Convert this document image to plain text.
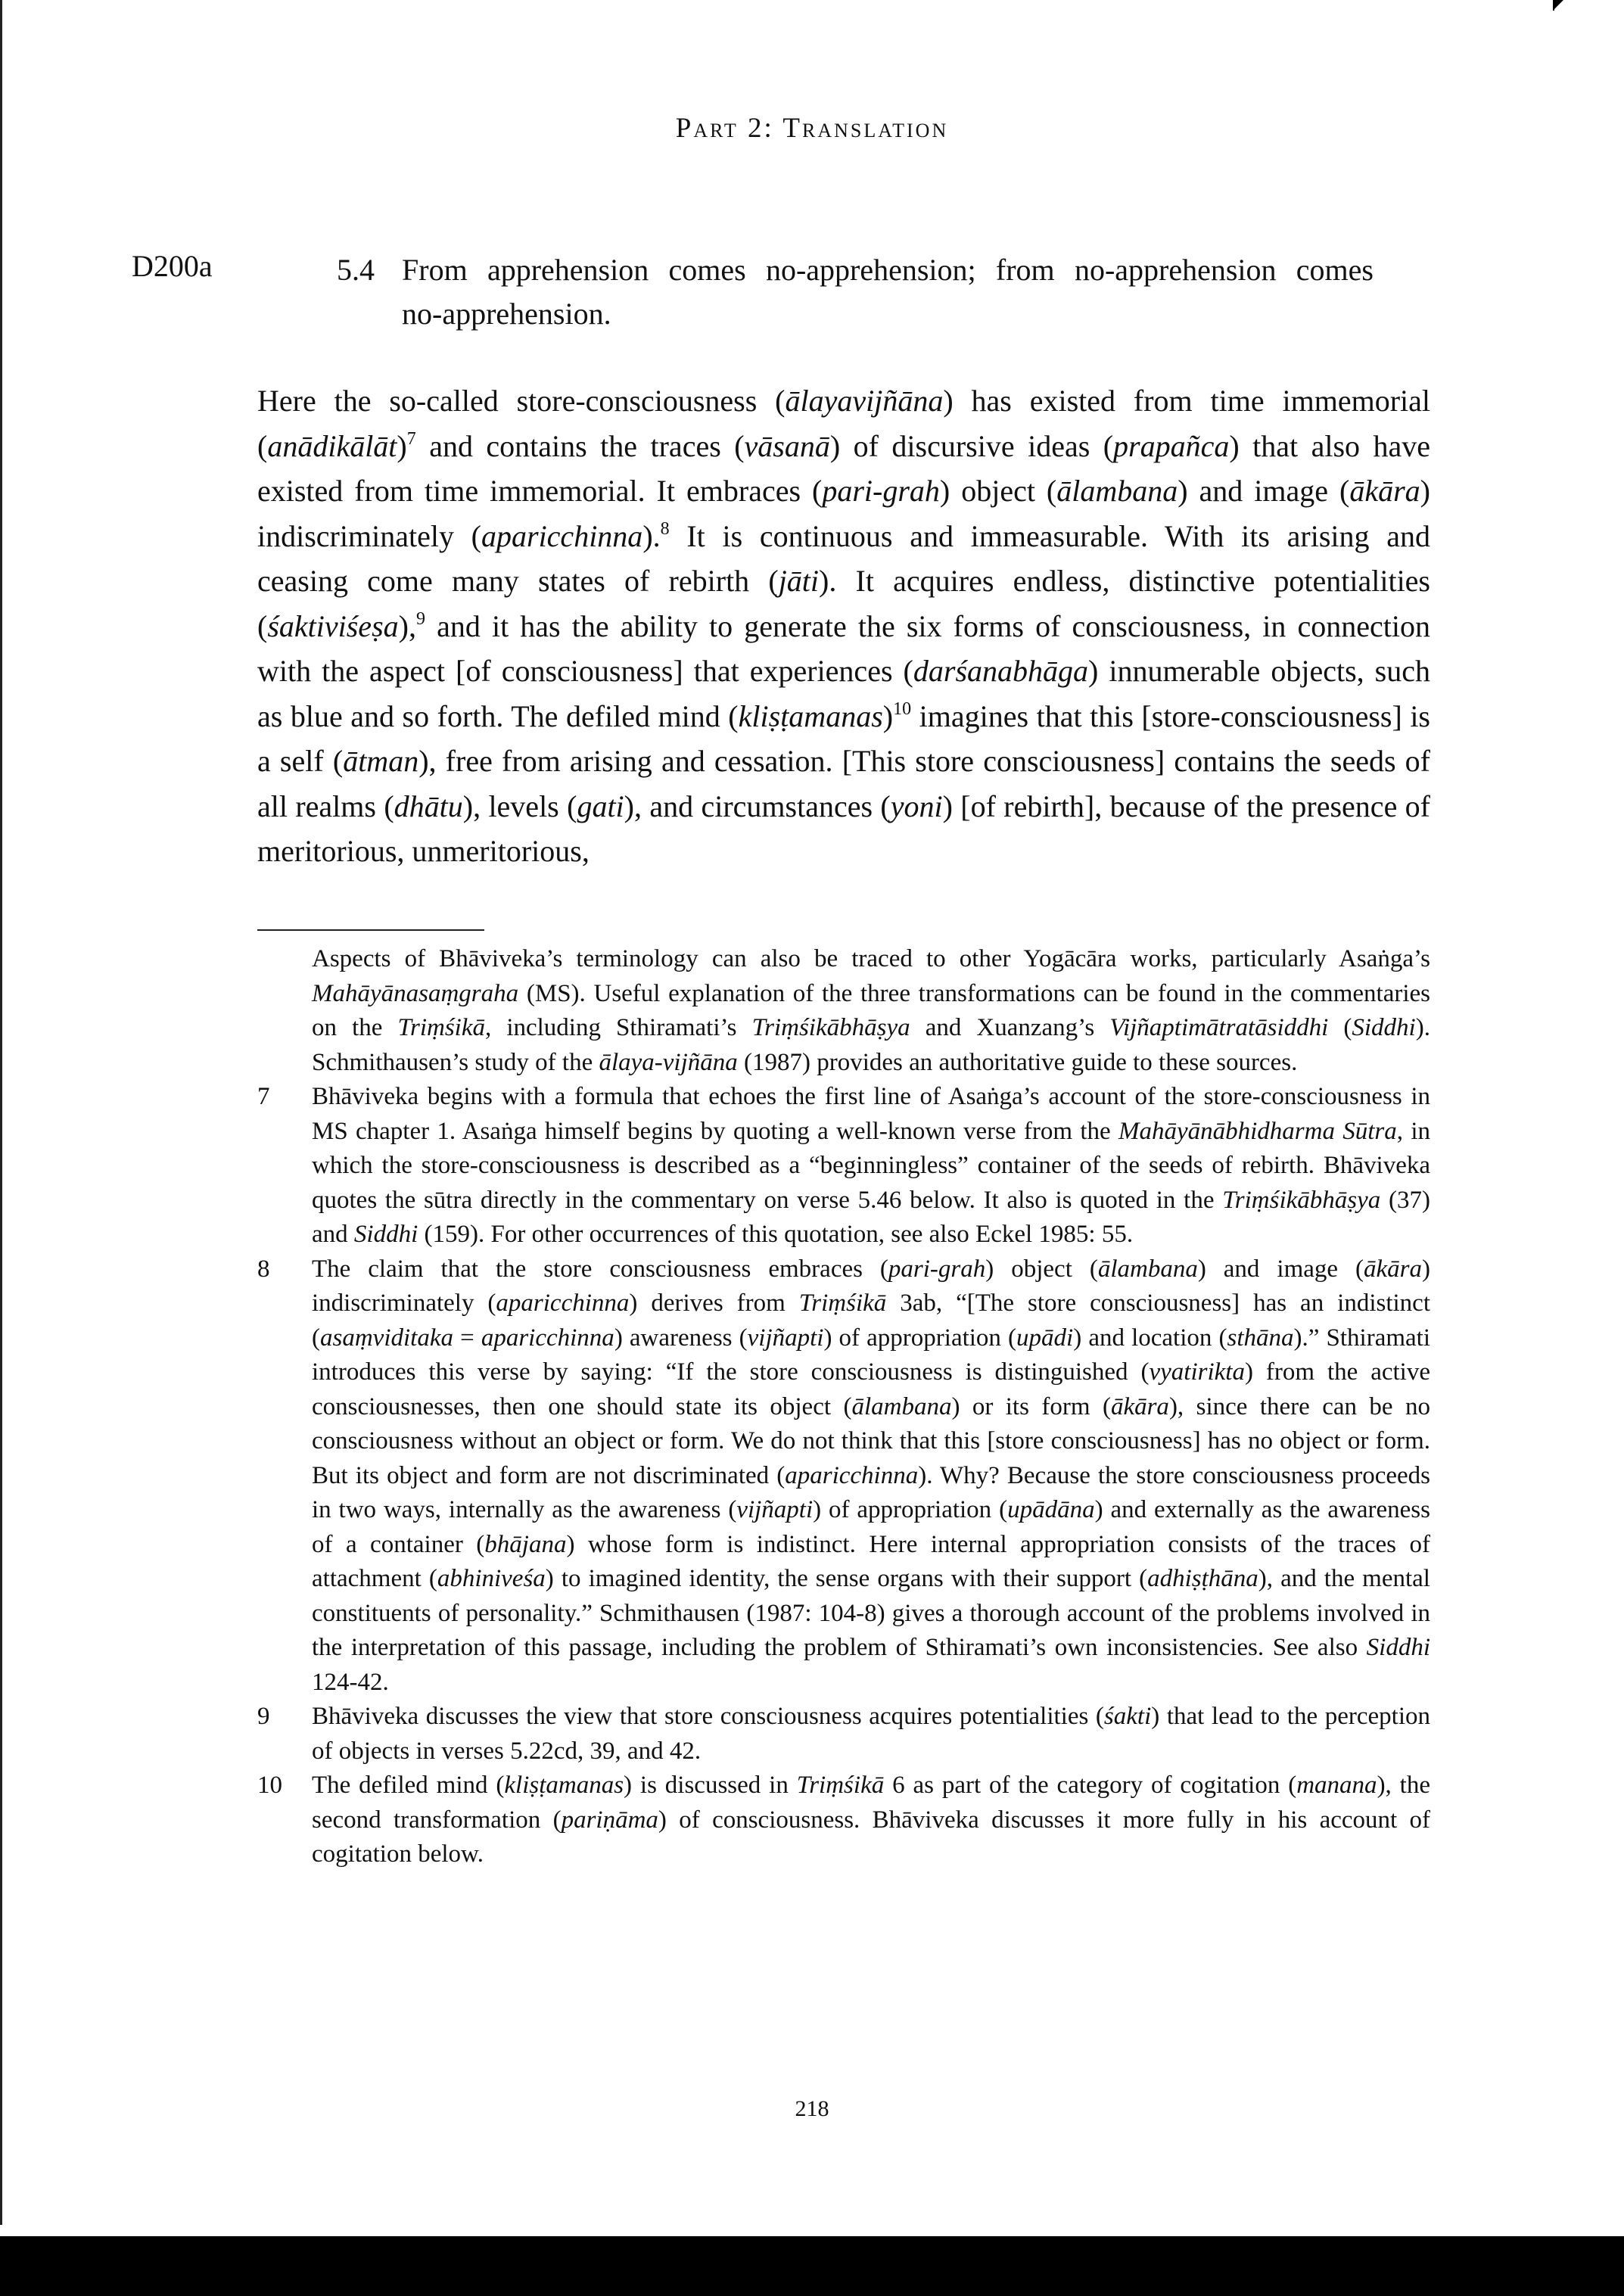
Part 2: Translation
D200a	5.4 From apprehension comes no-apprehension; from no-apprehension comes no-apprehension.
Here the so-called store-consciousness (ālayavijñāna) has existed from time immemorial (anādikālāt)$^7$ and contains the traces (vāsanā) of discursive ideas (prapañca) that also have existed from time immemorial. It embraces (pari-grah) object (ālambana) and image (ākāra) indiscriminately (aparicchinna).$^8$ It is continuous and immeasurable. With its arising and ceasing come many states of rebirth (jāti). It acquires endless, distinctive potentialities (śaktiviśeṣa),$^9$ and it has the ability to generate the six forms of consciousness, in connection with the aspect [of consciousness] that experiences (darśanabhāga) innumerable objects, such as blue and so forth. The defiled mind (kliṣṭamanas)$^{10}$ imagines that this [store-consciousness] is a self (ātman), free from arising and cessation. [This store consciousness] contains the seeds of all realms (dhātu), levels (gati), and circumstances (yoni) [of rebirth], because of the presence of meritorious, unmeritorious,
Aspects of Bhāviveka’s terminology can also be traced to other Yogācāra works, particularly Asaṅga’s Mahāyānasaṃgraha (MS). Useful explanation of the three transformations can be found in the commentaries on the Triṃśikā, including Sthiramati’s Triṃśikābhāṣya and Xuanzang’s Vijñaptimātratāsiddhi (Siddhi). Schmithausen’s study of the ālaya-vijñāna (1987) provides an authoritative guide to these sources.
7	Bhāviveka begins with a formula that echoes the first line of Asaṅga’s account of the store-consciousness in MS chapter 1. Asaṅga himself begins by quoting a well-known verse from the Mahāyānābhidharma Sūtra, in which the store-consciousness is described as a “beginningless” container of the seeds of rebirth. Bhāviveka quotes the sūtra directly in the commentary on verse 5.46 below. It also is quoted in the Triṃśikābhāṣya (37) and Siddhi (159). For other occurrences of this quotation, see also Eckel 1985: 55.
8	The claim that the store consciousness embraces (pari-grah) object (ālambana) and image (ākāra) indiscriminately (aparicchinna) derives from Triṃśikā 3ab, “[The store consciousness] has an indistinct (asaṃviditaka = aparicchinna) awareness (vijñapti) of appropriation (upādi) and location (sthāna).” Sthiramati introduces this verse by saying: “If the store consciousness is distinguished (vyatirikta) from the active consciousnesses, then one should state its object (ālambana) or its form (ākāra), since there can be no consciousness without an object or form. We do not think that this [store consciousness] has no object or form. But its object and form are not discriminated (aparicchinna). Why? Because the store consciousness proceeds in two ways, internally as the awareness (vijñapti) of appropriation (upādāna) and externally as the awareness of a container (bhājana) whose form is indistinct. Here internal appropriation consists of the traces of attachment (abhiniveśa) to imagined identity, the sense organs with their support (adhiṣṭhāna), and the mental constituents of personality.” Schmithausen (1987: 104-8) gives a thorough account of the problems involved in the interpretation of this passage, including the problem of Sthiramati’s own inconsistencies. See also Siddhi 124-42.
9	Bhāviveka discusses the view that store consciousness acquires potentialities (śakti) that lead to the perception of objects in verses 5.22cd, 39, and 42.
10	The defiled mind (kliṣṭamanas) is discussed in Triṃśikā 6 as part of the category of cogitation (manana), the second transformation (pariṇāma) of consciousness. Bhāviveka discusses it more fully in his account of cogitation below.
218
